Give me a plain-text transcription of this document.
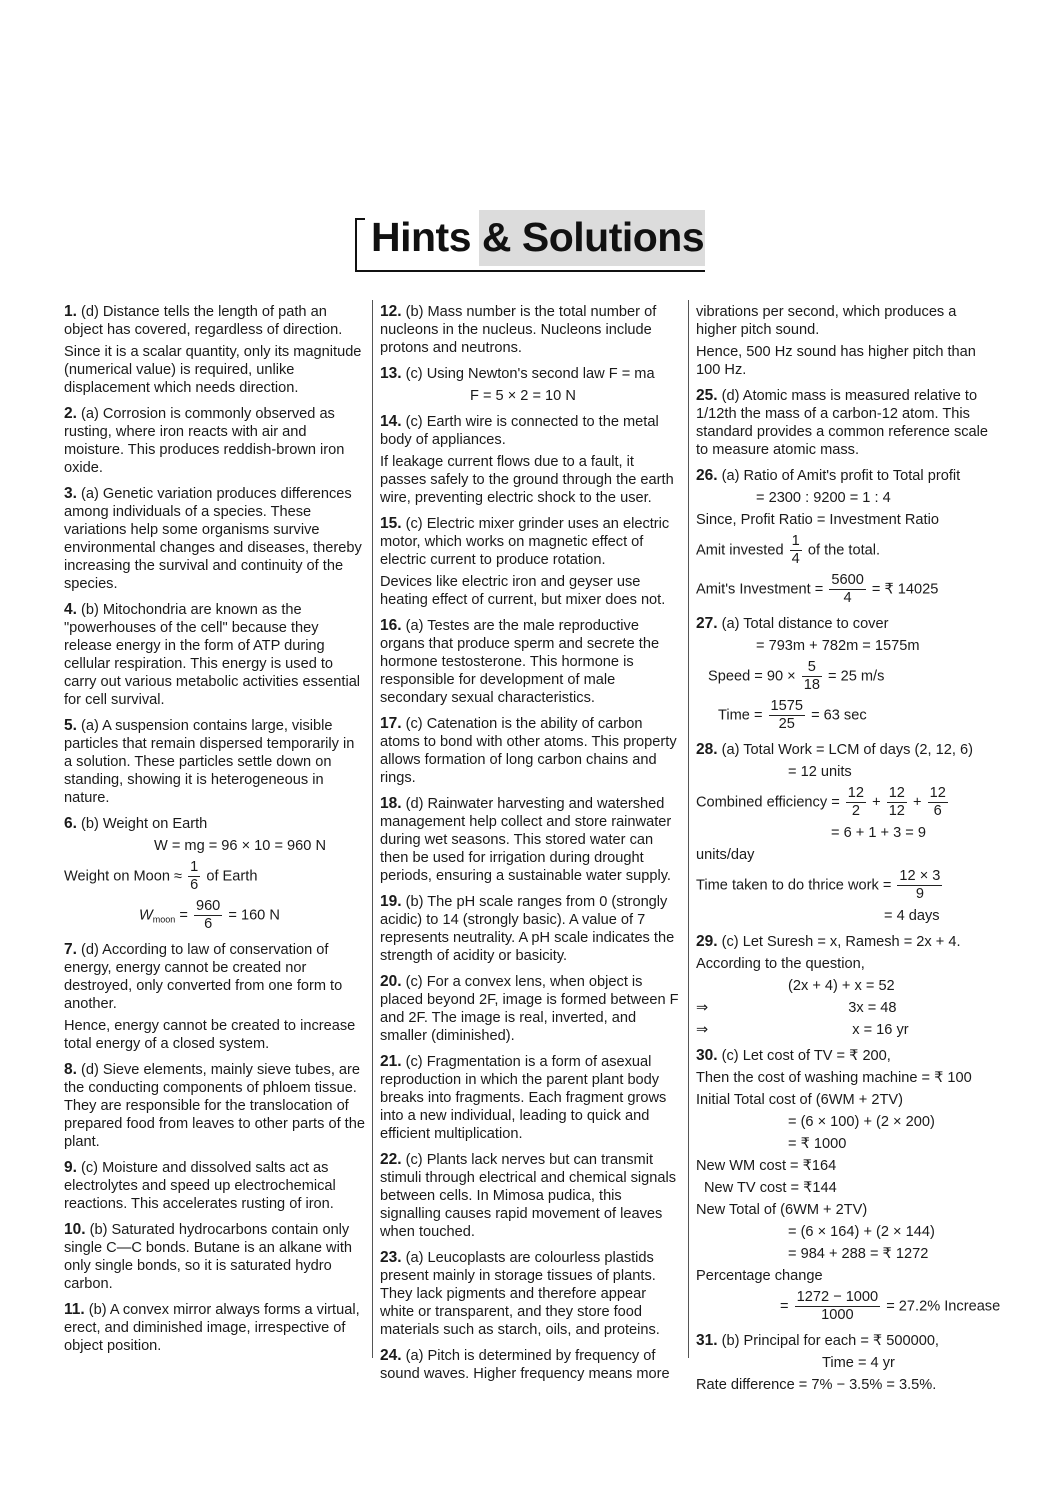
Hints & Solutions

1. (d) Distance tells the length of path an object has covered, regardless of direction.

Since it is a scalar quantity, only its magnitude (numerical value) is required, unlike displacement which needs direction.

2. (a) Corrosion is commonly observed as rusting, where iron reacts with air and moisture. This produces reddish-brown iron oxide.

3. (a) Genetic variation produces differences among individuals of a species. These variations help some organisms survive environmental changes and diseases, thereby increasing the survival and continuity of the species.

4. (b) Mitochondria are known as the "powerhouses of the cell" because they release energy in the form of ATP during cellular respiration. This energy is used to carry out various metabolic activities essential for cell survival.

5. (a) A suspension contains large, visible particles that remain dispersed temporarily in a solution. These particles settle down on standing, showing it is heterogeneous in nature.

6. (b) Weight on Earth

W = mg = 96 × 10 = 960 N
Weight on Moon ≈ $\frac{1}{6}$ of Earth
$W_{moon} = \frac{960}{6} = 160$ N

7. (d) According to law of conservation of energy, energy cannot be created nor destroyed, only converted from one form to another.

Hence, energy cannot be created to increase total energy of a closed system.

8. (d) Sieve elements, mainly sieve tubes, are the conducting components of phloem tissue. They are responsible for the translocation of prepared food from leaves to other parts of the plant.

9. (c) Moisture and dissolved salts act as electrolytes and speed up electrochemical reactions. This accelerates rusting of iron.

10. (b) Saturated hydrocarbons contain only single C—C bonds. Butane is an alkane with only single bonds, so it is saturated hydro carbon.

11. (b) A convex mirror always forms a virtual, erect, and diminished image, irrespective of object position.

12. (b) Mass number is the total number of nucleons in the nucleus. Nucleons include protons and neutrons.

13. (c) Using Newton's second law F = ma

F = 5 × 2 = 10 N

14. (c) Earth wire is connected to the metal body of appliances.

If leakage current flows due to a fault, it passes safely to the ground through the earth wire, preventing electric shock to the user.

15. (c) Electric mixer grinder uses an electric motor, which works on magnetic effect of electric current to produce rotation.

Devices like electric iron and geyser use heating effect of current, but mixer does not.

16. (a) Testes are the male reproductive organs that produce sperm and secrete the hormone testosterone. This hormone is responsible for development of male secondary sexual characteristics.

17. (c) Catenation is the ability of carbon atoms to bond with other atoms. This property allows formation of long carbon chains and rings.

18. (d) Rainwater harvesting and watershed management help collect and store rainwater during wet seasons. This stored water can then be used for irrigation during drought periods, ensuring a sustainable water supply.

19. (b) The pH scale ranges from 0 (strongly acidic) to 14 (strongly basic). A value of 7 represents neutrality. A pH scale indicates the strength of acidity or basicity.

20. (c) For a convex lens, when object is placed beyond 2F, image is formed between F and 2F. The image is real, inverted, and smaller (diminished).

21. (c) Fragmentation is a form of asexual reproduction in which the parent plant body breaks into fragments. Each fragment grows into a new individual, leading to quick and efficient multiplication.

22. (c) Plants lack nerves but can transmit stimuli through electrical and chemical signals between cells. In Mimosa pudica, this signalling causes rapid movement of leaves when touched.

23. (a) Leucoplasts are colourless plastids present mainly in storage tissues of plants. They lack pigments and therefore appear white or transparent, and they store food materials such as starch, oils, and proteins.

24. (a) Pitch is determined by frequency of sound waves. Higher frequency means more

vibrations per second, which produces a higher pitch sound.

Hence, 500 Hz sound has higher pitch than 100 Hz.

25. (d) Atomic mass is measured relative to 1/12th the mass of a carbon-12 atom. This standard provides a common reference scale to measure atomic mass.

26. (a) Ratio of Amit's profit to Total profit

= 2300 : 9200 = 1 : 4

Since, Profit Ratio = Investment Ratio

Amit invested $\frac{1}{4}$ of the total.
Amit's Investment = $\frac{5600}{4}$ = ₹ 14025

27. (a) Total distance to cover

= 793m + 782m = 1575m
Speed = $90 \times \frac{5}{18} = 25$ m/s
Time = $\frac{1575}{25} = 63$ sec

28. (a) Total Work = LCM of days (2, 12, 6)

= 12 units
Combined efficiency = $\frac{12}{2} + \frac{12}{12} + \frac{12}{6}$
= 6 + 1 + 3 = 9

units/day

Time taken to do thrice work = $\frac{12 \times 3}{9}$
= 4 days

29. (c) Let Suresh = x, Ramesh = 2x + 4.

According to the question,

(2x + 4) + x = 52
⇒	3x = 48
⇒	x = 16 yr

30. (c) Let cost of TV = ₹ 200,

Then the cost of washing machine = ₹ 100

Initial Total cost of (6WM + 2TV)

= (6 × 100) + (2 × 200)
= ₹ 1000

New WM cost = ₹164

New TV cost = ₹144

New Total of (6WM + 2TV)

= (6 × 164) + (2 × 144)
= 984 + 288 = ₹ 1272

Percentage change

= $\frac{1272 - 1000}{1000} = 27.2\%$ Increase

31. (b) Principal for each = ₹ 500000,

Time = 4 yr

Rate difference = 7% − 3.5% = 3.5%.
